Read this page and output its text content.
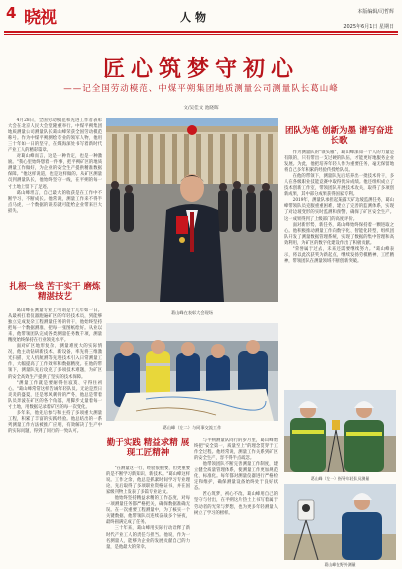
4 晓视	人物	本版编辑/司哲辉
2025年6月1日 星期日
匠心筑梦守初心
——记全国劳动模范、中煤平朔集团地质测量公司测量队长葛山峰
文/吴佳文 池晓晖

4月28日，全国劳动模范和先进工作者表彰大会在北京人民大会堂隆重举行。中煤平朔集团地质测量公司测量队长葛山峰荣获全国劳动模范称号。作为中煤平朔测绘专业的领军人物，他用三十年如一日的坚守，在煤海深处书写着新时代产业工人的精彩篇章。

对葛山峰而言，这是一种肯定，也是一种激励。"我心里始终想着一件事，把平朔矿区的地质测量工作做好，为企业的安全生产提供精准数据保障。"他这样说道，也是这样做的。从矿区测量员到测量队长，他始终坚守一线，在平朔的每一寸土地上留下了足迹。

葛山峰坦言，自己最大的收获是在工作中不断学习、不断成长。他常说，测量工作来不得半点马虎，一个数据的误差就可能给企业带来巨大损失。

扎根一线 苦干实干 磨炼精湛技艺

葛山峰在测量专业上可谓是十几年如一日。从最初扛着仪器跑遍矿区的年轻技术员，到能够独立完成复杂工程测量任务的骨干，他始终坚持把每一个数据测准、把每一张图纸绘好。从业以来，他带领团队完成各类测量任务数千项，测量精度始终保持在行业领先水平。

面对矿区地形复杂、测量难度大的实际情况，他主动钻研新技术、新设备，率先将三维激光扫描、无人机航测等先进技术引入日常测量工作，大幅提高了工作效率和数据精度。在他的带领下，测量队先后攻克了多项技术难题，为矿区的安全高效生产提供了坚实的技术保障。

"测量工作就是要耐得住寂寞、守得住初心。"葛山峰常常这样告诫年轻队员。无论是烈日炎炎的盛夏，还是寒风刺骨的严冬，他总是带着队员奔波在矿区的各个角落，用脚步丈量着每一寸土地，用数据记录着矿区的每一次变化。

多年来，他先后参与和主持了多项重大测量工程，积累了丰富的实践经验。他总结出的一系列测量工作方法被推广应用，有效解决了生产中的实际问题，得到了同行的一致认可。

葛山峰在表彰大会现场
团队为笔 创新为墨 谱写奋进长歌

作为测量队的"领头雁"，葛山峰深知一个人的力量是有限的，只有带出一支过硬的队伍，才能更好地服务企业发展。为此，他把培养年轻人作为重要任务，毫无保留地将自己多年积累的经验传授给队员。

在他的带领下，测量队先后培养出一批技术骨干，多人在各级职业技能竞赛中取得优异成绩。他还组织成立了技术创新工作室，带领团队开展技术攻关，取得了多项创新成果，其中部分成果获得国家专利。

2019年，测量队承担起某露天矿边坡监测任务，葛山峰带领队员克服重重困难，建立了完善的监测体系，实现了对边坡变形的实时监测和预警，确保了矿区安全生产。这一成果得到了上级部门的高度评价。

面对新形势、新任务，葛山峰始终保持着一颗进取之心。他积极推动测量工作向数字化、智能化转型，组织团队开发了测量数据管理系统，实现了数据的集中管理和高效利用，为矿区的数字化建设作出了积极贡献。

"荣誉属于过去，未来还需要继续努力。"葛山峰表示，将以此次获奖为新起点，继续发扬劳模精神、工匠精神，带领团队在测量领域不断创新突破。

葛山峰（左二）与同事交流工作
勤于实践 精益求精 展现工匠精神

"在测量这一行，经验很重要，但更重要的是不断学习新知识、新技术。"葛山峰这样说。工作之余，他总是抓紧时间学习专业理论，先后取得了多项职业资格证书，并在国家级刊物上发表了多篇专业论文。

他始终坚持精益求精的工作态度，对每一项测量任务都严格把关，确保数据准确无误。在一次重要工程测量中，为了核实一个关键数据，他带领队员连续奋战多个昼夜，最终圆满完成了任务。

三十年来，葛山峰用实际行动诠释了新时代产业工人的责任与担当。他说，作为一名测量人，能够为企业的发展贡献自己的力量，是他最大的荣幸。

与平朔测量队同行的岁月里，葛山峰始终把"安全第一、质量至上"的理念贯穿于工作全过程。他经常说，测量工作关系到矿区的安全生产，容不得半点疏忽。

他带领团队不断完善测量工作制度，建立健全质量管理体系，使测量工作更加规范化、标准化。每年都对测量仪器进行严格检定和维护，确保测量设备始终处于良好状态。

匠心筑梦，初心不改。葛山峰用自己的坚守与付出，在平朔这片热土上书写着属于劳动者的光荣与梦想，也为更多年轻测量人树立了学习的榜样。

葛山峰（左一）指导年轻队员测量
葛山峰在野外测量
